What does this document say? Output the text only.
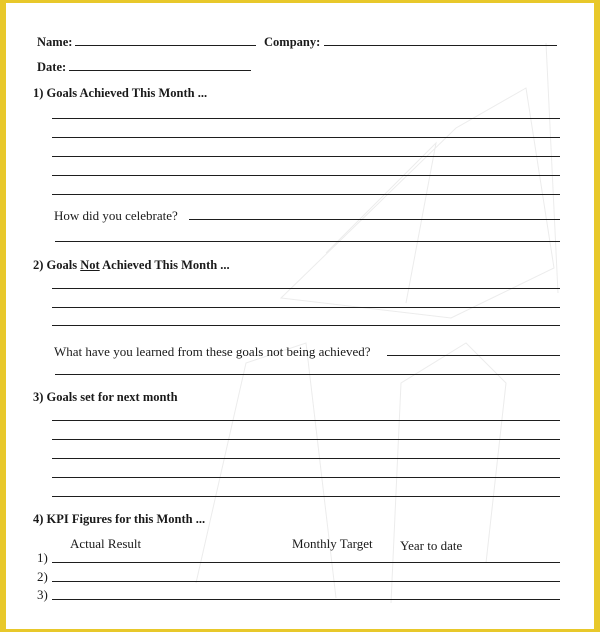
Name:	Company:
Date:
1) Goals Achieved This Month ...
How did you celebrate?
2) Goals Not Achieved This Month ...
What have you learned from these goals not being achieved?
3) Goals set for next month
4) KPI Figures for this Month ...
Actual Result	Monthly Target Year to date
1)
2)
3)
